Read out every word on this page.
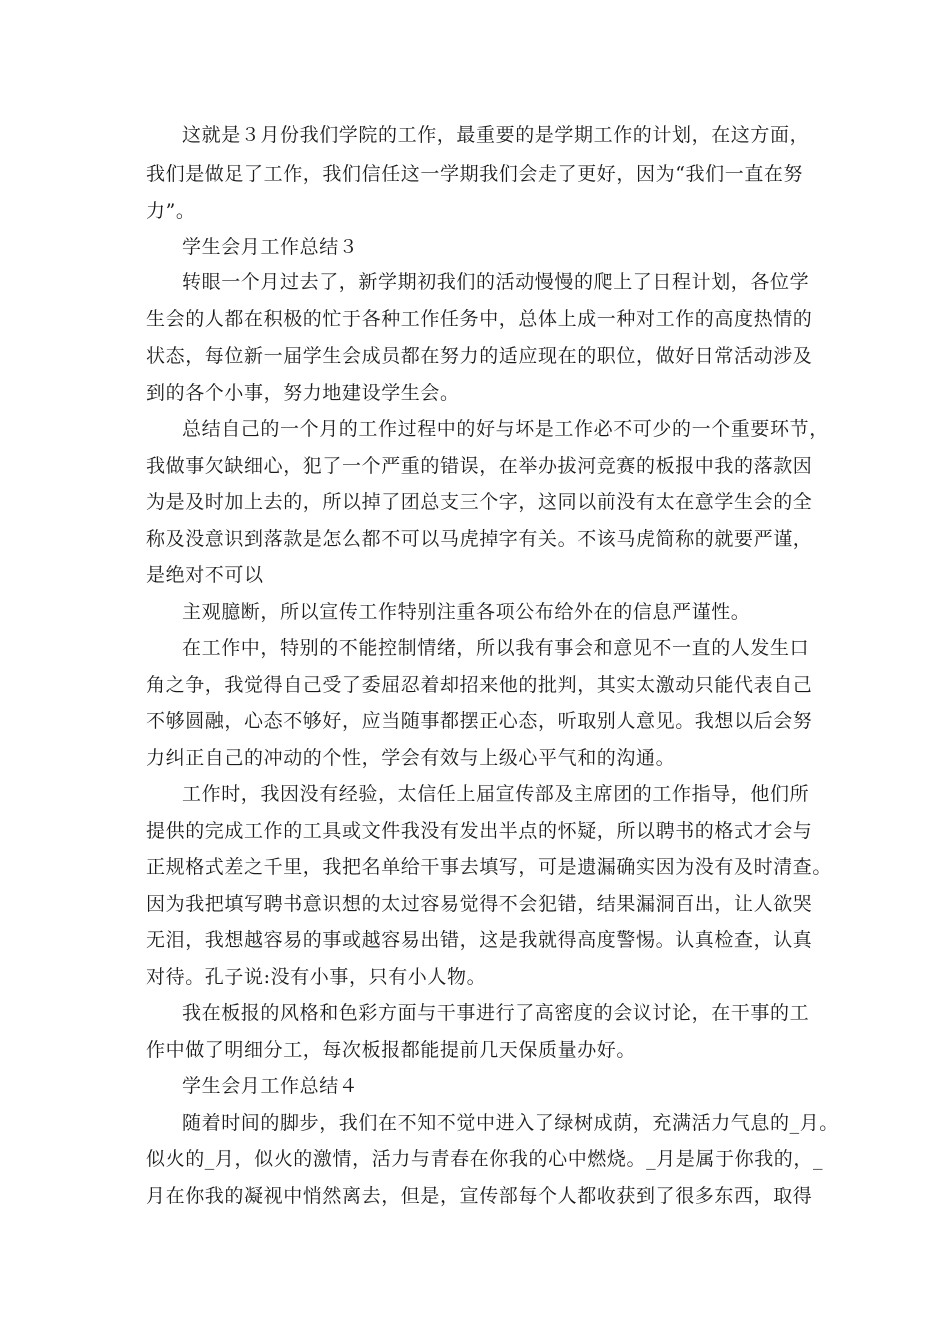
这就是３月份我们学院的工作，最重要的是学期工作的计划，在这方面，
我们是做足了工作，我们信任这一学期我们会走了更好，因为“我们一直在努
力”。
学生会月工作总结３
转眼一个月过去了，新学期初我们的活动慢慢的爬上了日程计划，各位学
生会的人都在积极的忙于各种工作任务中，总体上成一种对工作的高度热情的
状态，每位新一届学生会成员都在努力的适应现在的职位，做好日常活动涉及
到的各个小事，努力地建设学生会。
总结自己的一个月的工作过程中的好与坏是工作必不可少的一个重要环节，
我做事欠缺细心，犯了一个严重的错误，在举办拔河竞赛的板报中我的落款因
为是及时加上去的，所以掉了团总支三个字，这同以前没有太在意学生会的全
称及没意识到落款是怎么都不可以马虎掉字有关。不该马虎简称的就要严谨，
是绝对不可以
主观臆断，所以宣传工作特别注重各项公布给外在的信息严谨性。
在工作中，特别的不能控制情绪，所以我有事会和意见不一直的人发生口
角之争，我觉得自己受了委屈忍着却招来他的批判，其实太激动只能代表自己
不够圆融，心态不够好，应当随事都摆正心态，听取别人意见。我想以后会努
力纠正自己的冲动的个性，学会有效与上级心平气和的沟通。
工作时，我因没有经验，太信任上届宣传部及主席团的工作指导，他们所
提供的完成工作的工具或文件我没有发出半点的怀疑，所以聘书的格式才会与
正规格式差之千里，我把名单给干事去填写，可是遗漏确实因为没有及时清查。
因为我把填写聘书意识想的太过容易觉得不会犯错，结果漏洞百出，让人欲哭
无泪，我想越容易的事或越容易出错，这是我就得高度警惕。认真检查，认真
对待。孔子说:没有小事，只有小人物。
我在板报的风格和色彩方面与干事进行了高密度的会议讨论，在干事的工
作中做了明细分工，每次板报都能提前几天保质量办好。
学生会月工作总结４
随着时间的脚步，我们在不知不觉中进入了绿树成荫，充满活力气息的_月。
似火的_月，似火的激情，活力与青春在你我的心中燃烧。_月是属于你我的，_
月在你我的凝视中悄然离去，但是，宣传部每个人都收获到了很多东西，取得
